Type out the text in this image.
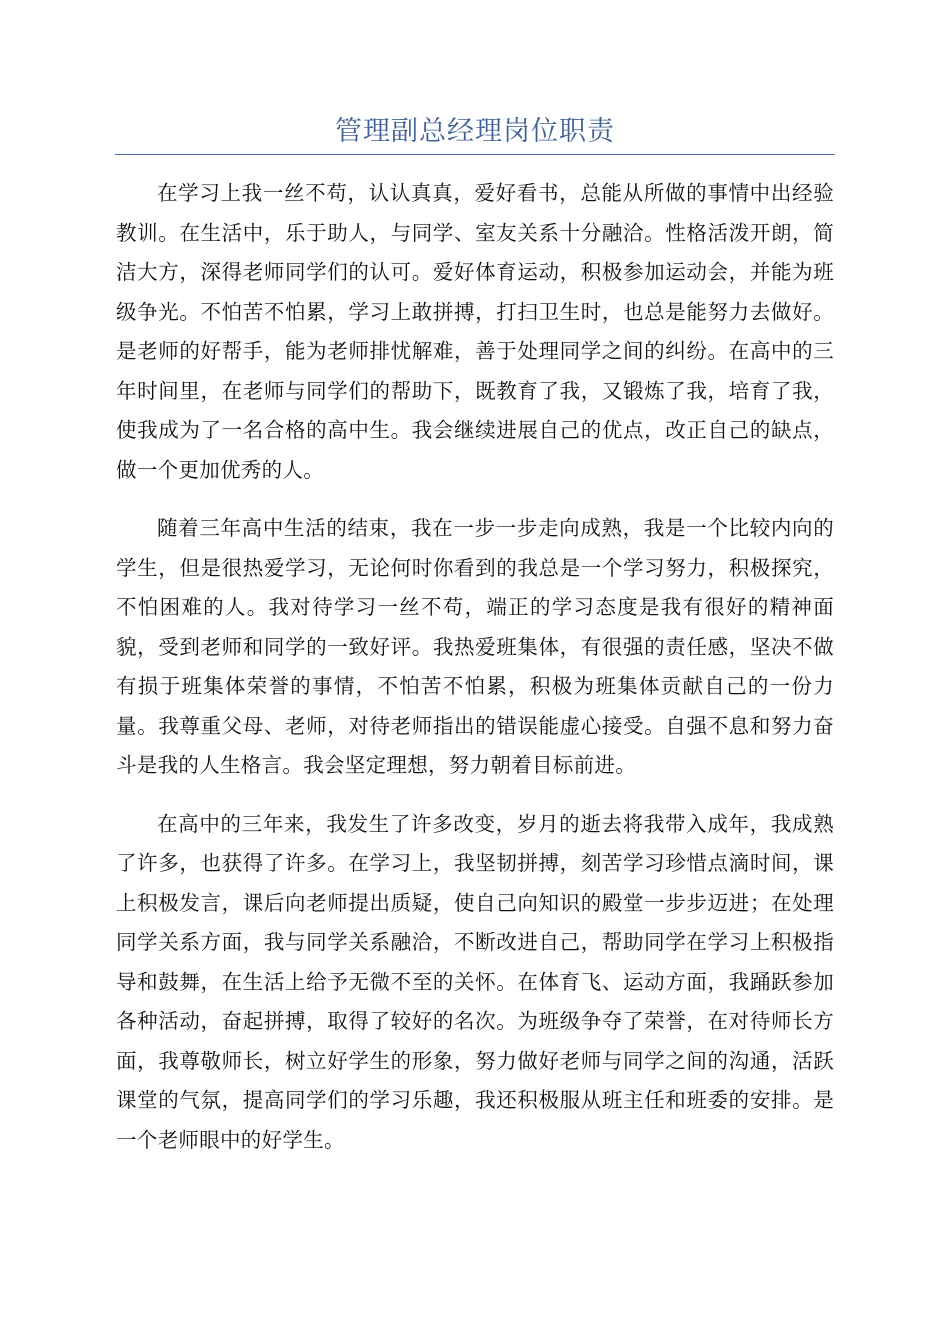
管理副总经理岗位职责

在学习上我一丝不苟，认认真真，爱好看书，总能从所做的事情中出经验教训。在生活中，乐于助人，与同学、室友关系十分融洽。性格活泼开朗，简洁大方，深得老师同学们的认可。爱好体育运动，积极参加运动会，并能为班级争光。不怕苦不怕累，学习上敢拼搏，打扫卫生时，也总是能努力去做好。是老师的好帮手，能为老师排忧解难，善于处理同学之间的纠纷。在高中的三年时间里，在老师与同学们的帮助下，既教育了我，又锻炼了我，培育了我，使我成为了一名合格的高中生。我会继续进展自己的优点，改正自己的缺点，做一个更加优秀的人。

随着三年高中生活的结束，我在一步一步走向成熟，我是一个比较内向的学生，但是很热爱学习，无论何时你看到的我总是一个学习努力，积极探究，不怕困难的人。我对待学习一丝不苟，端正的学习态度是我有很好的精神面貌，受到老师和同学的一致好评。我热爱班集体，有很强的责任感，坚决不做有损于班集体荣誉的事情，不怕苦不怕累，积极为班集体贡献自己的一份力量。我尊重父母、老师，对待老师指出的错误能虚心接受。自强不息和努力奋斗是我的人生格言。我会坚定理想，努力朝着目标前进。

在高中的三年来，我发生了许多改变，岁月的逝去将我带入成年，我成熟了许多，也获得了许多。在学习上，我坚韧拼搏，刻苦学习珍惜点滴时间，课上积极发言，课后向老师提出质疑，使自己向知识的殿堂一步步迈进；在处理同学关系方面，我与同学关系融洽，不断改进自己，帮助同学在学习上积极指导和鼓舞，在生活上给予无微不至的关怀。在体育飞、运动方面，我踊跃参加各种活动，奋起拼搏，取得了较好的名次。为班级争夺了荣誉，在对待师长方面，我尊敬师长，树立好学生的形象，努力做好老师与同学之间的沟通，活跃课堂的气氛，提高同学们的学习乐趣，我还积极服从班主任和班委的安排。是一个老师眼中的好学生。
